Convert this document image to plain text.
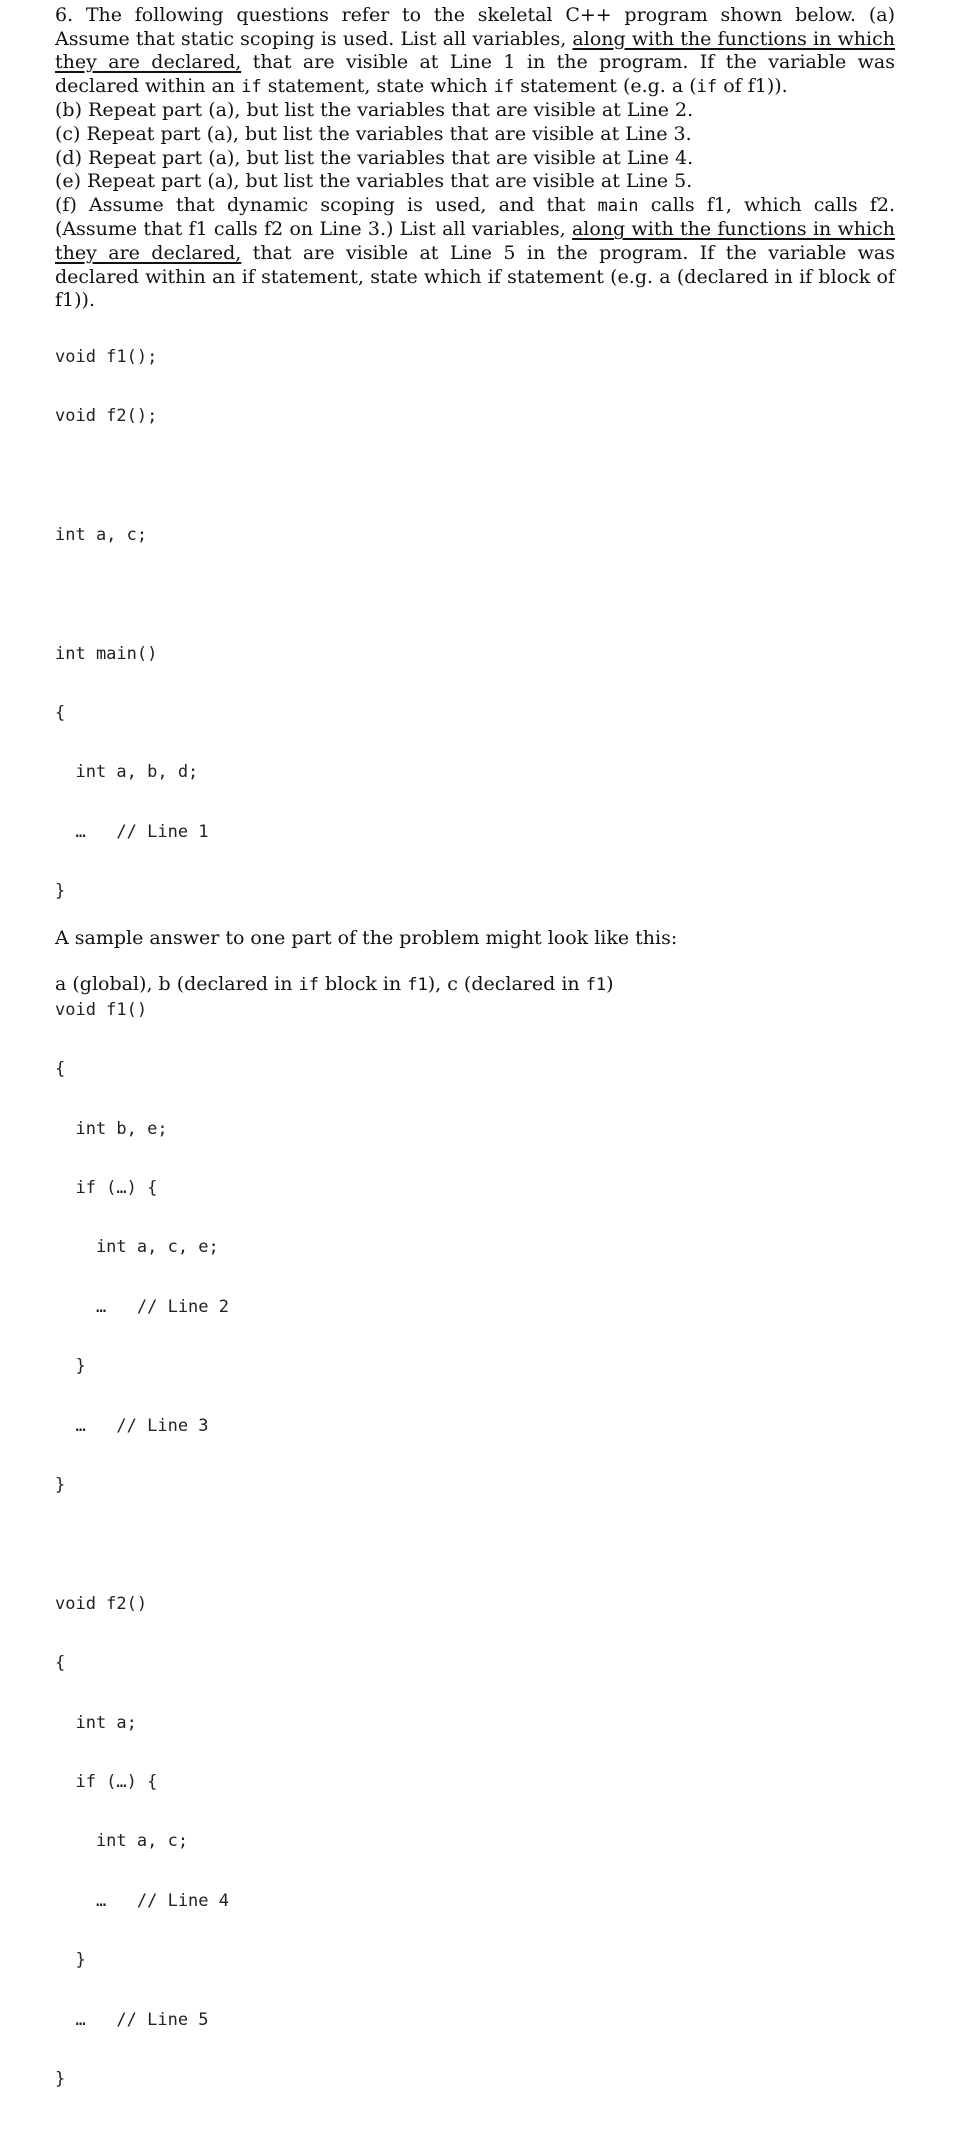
6. The following questions refer to the skeletal C++ program shown below. (a) Assume that static scoping is used. List all variables, along with the functions in which they are declared, that are visible at Line 1 in the program. If the variable was declared within an if statement, state which if statement (e.g. a (if of f1)).

(b) Repeat part (a), but list the variables that are visible at Line 2.

(c) Repeat part (a), but list the variables that are visible at Line 3.

(d) Repeat part (a), but list the variables that are visible at Line 4.

(e) Repeat part (a), but list the variables that are visible at Line 5.

(f) Assume that dynamic scoping is used, and that main calls f1, which calls f2. (Assume that f1 calls f2 on Line 3.) List all variables, along with the functions in which they are declared, that are visible at Line 5 in the program. If the variable was declared within an if statement, state which if statement (e.g. a (declared in if block of f1)).

void f1();

void f2();

int a, c;

int main()

{

int a, b, d;

…   // Line 1

}

void f1()

{

int b, e;

if (…) {

int a, c, e;

…   // Line 2

}

…   // Line 3

}

void f2()

{

int a;

if (…) {

int a, c;

…   // Line 4

}

…   // Line 5

}

A sample answer to one part of the problem might look like this:

a (global), b (declared in if block in f1), c (declared in f1)
